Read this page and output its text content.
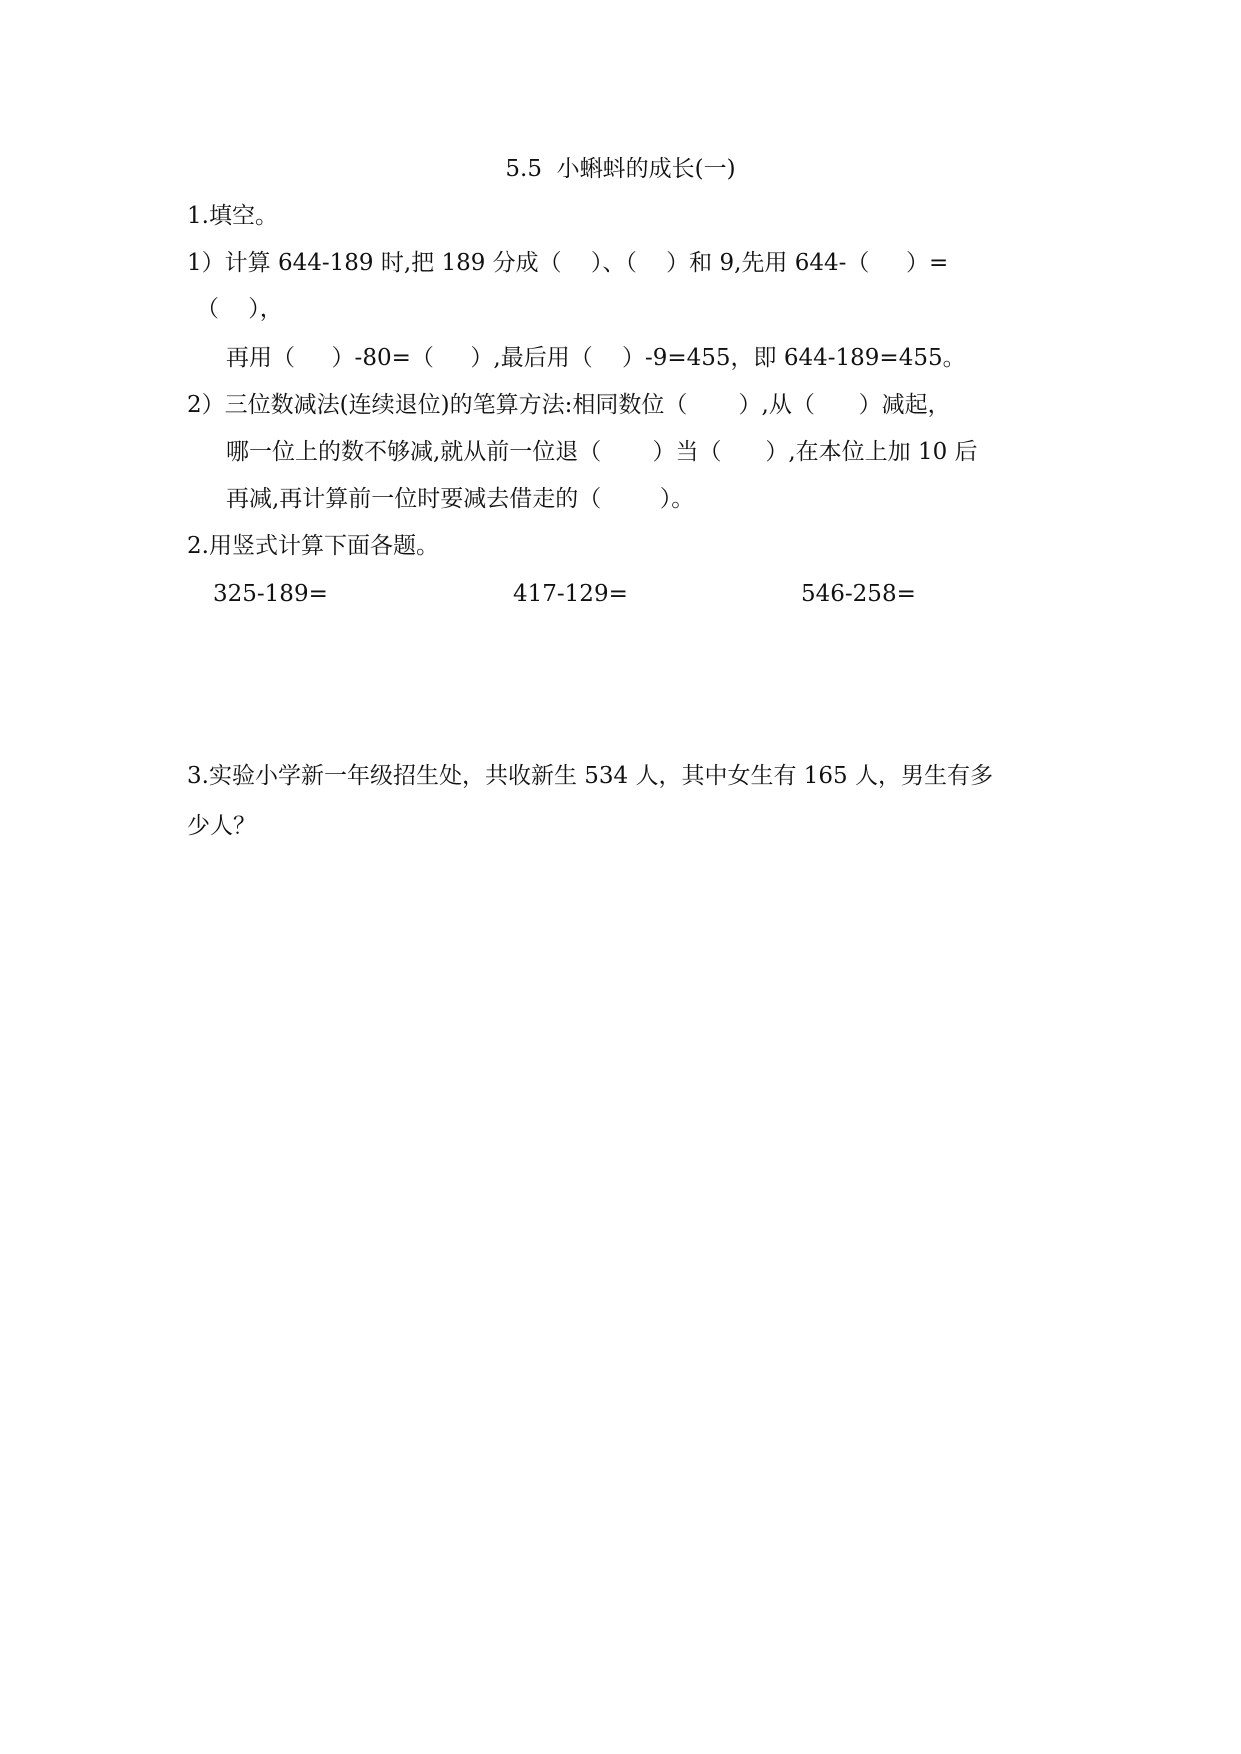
5.5  小蝌蚪的成长(一)
1.填空。
1）计算 644-189 时,把 189 分成（    ）、（    ）和 9,先用 644-（     ）=
（    ），
再用（     ）-80=（     ）,最后用（    ）-9=455，即 644-189=455。
2）三位数减法(连续退位)的笔算方法:相同数位（       ）,从（      ）减起，
哪一位上的数不够减,就从前一位退（       ）当（      ）,在本位上加 10 后
再减,再计算前一位时要减去借走的（        ）。
2.用竖式计算下面各题。
325-189=	417-129=	546-258=
3.实验小学新一年级招生处，共收新生 534 人，其中女生有 165 人，男生有多
少人？
